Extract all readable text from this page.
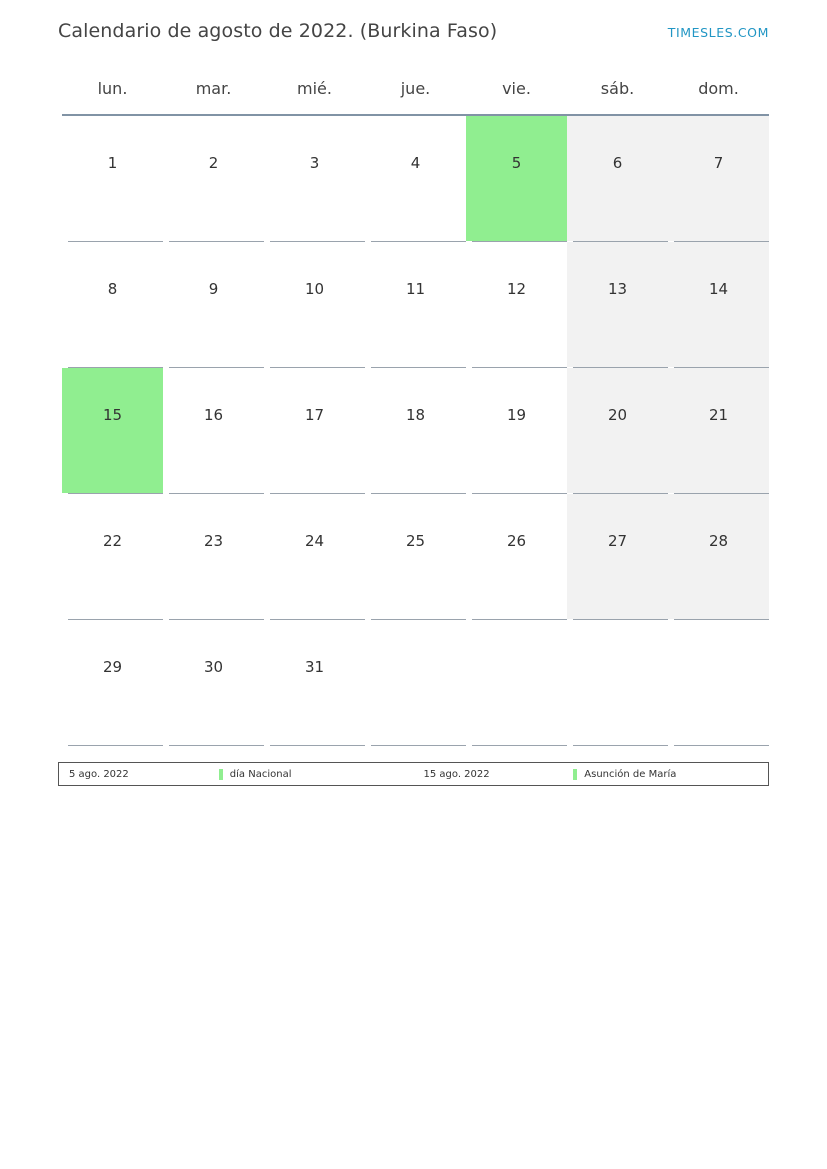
Calendario de agosto de 2022. (Burkina Faso)	TIMESLES.COM
lun.	mar.	mié.	jue.	vie.	sáb.	dom.

1	2	3	4	5	6	7

8	9	10	11	12	13	14

15	16	17	18	19	20	21

22	23	24	25	26	27	28

29	30	31				

5 ago. 2022	día Nacional	15 ago. 2022	Asunción de María
